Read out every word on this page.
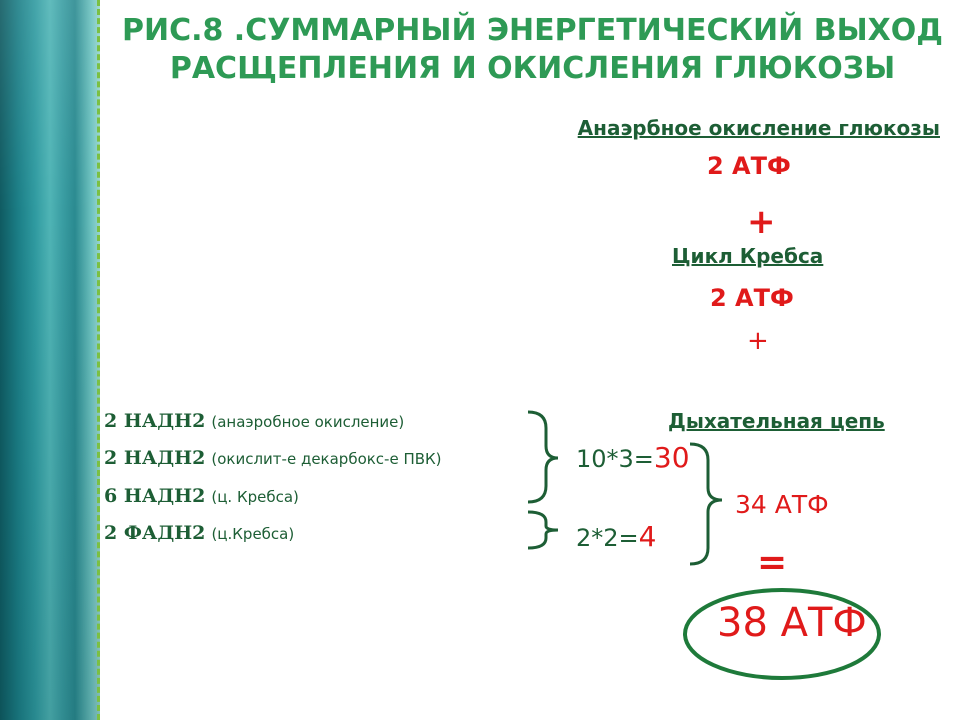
РИС.8 .СУММАРНЫЙ ЭНЕРГЕТИЧЕСКИЙ ВЫХОД
РАСЩЕПЛЕНИЯ И ОКИСЛЕНИЯ ГЛЮКОЗЫ
Анаэрбное окисление глюкозы
2 АТФ
+
Цикл Кребса
2 АТФ
+
Дыхательная цепь
2 НАДН2 (анаэробное окисление)
2 НАДН2 (окислит-е декарбокс-е ПВК)
6 НАДН2 (ц. Кребса)
2 ФАДН2 (ц.Кребса)
10*3=30
2*2=4
34 АТФ
=
38 АТФ
